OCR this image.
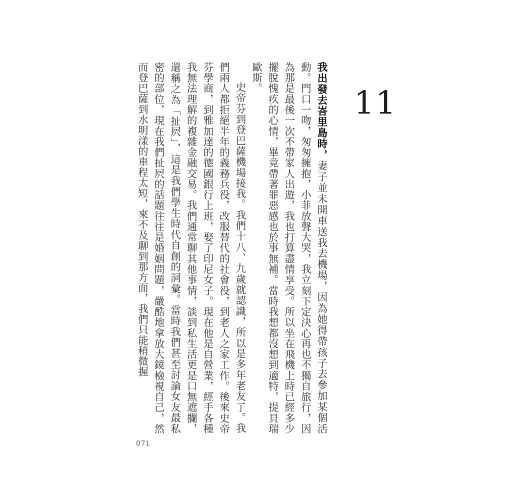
11

我出發去峇里島時，妻子並未開車送我去機場，因為她得帶孩子去參加某個活動。門口一吻，匆匆擁抱，小菲放聲大哭，我立刻下定決心再也不獨自旅行，因為那是最後一次不帶家人出遊，我也打算盡情享受。所以坐在飛機上時已經多少擺脫愧疚的心情，畢竟帶著罪惡感也於事無補。當時我想都沒想到適特，提貝瑞歐斯。

史帝芬到登巴薩機場接我。我們十八、九歲就認識，所以是多年老友了。我們兩人都拒絕半年的義務兵役，改服替代的社會役，到老人之家工作。後來史帝芬學商，到雅加達的德國銀行上班，娶了印尼女子。現在他是自營業，經手各種我無法理解的複雜金融交易。我們通常聊其他事情，談到私生活更是口無遮攔，還稱之為「扯屄」，這是我們學生時代自創的詞彙。當時我們甚至討論女友最私密的部位，現在我們扯屄的話題往往是婚姻問題，嚴酷地拿放大鏡檢視自己，然而登巴薩到水明漾的車程太短，來不及聊到那方面，我們只能稍微握

071
